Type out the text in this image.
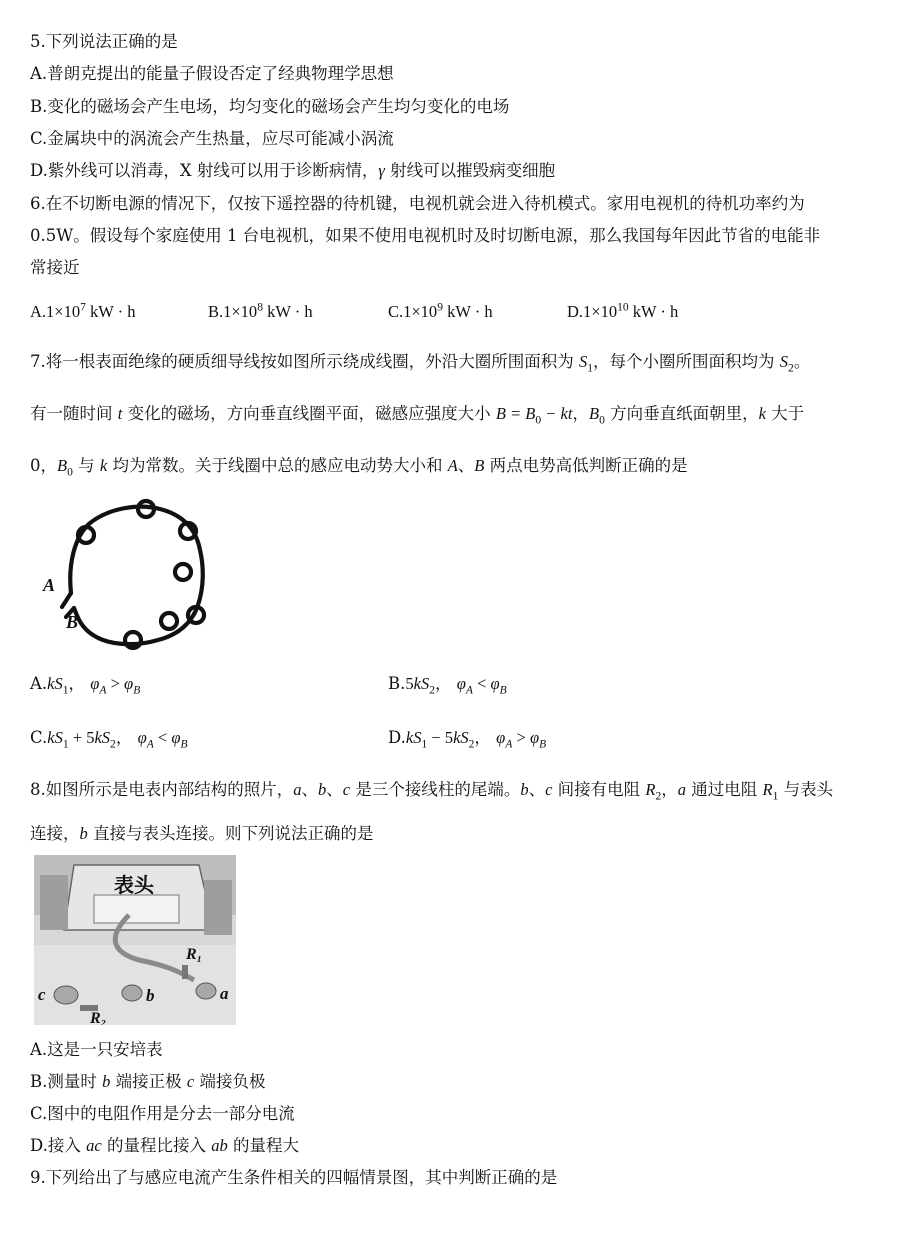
5.下列说法正确的是
A.普朗克提出的能量子假设否定了经典物理学思想
B.变化的磁场会产生电场，均匀变化的磁场会产生均匀变化的电场
C.金属块中的涡流会产生热量，应尽可能减小涡流
D.紫外线可以消毒，X 射线可以用于诊断病情，γ 射线可以摧毁病变细胞
6.在不切断电源的情况下，仅按下遥控器的待机键，电视机就会进入待机模式。家用电视机的待机功率约为
0.5W。假设每个家庭使用 1 台电视机，如果不使用电视机时及时切断电源，那么我国每年因此节省的电能非
常接近
$A.1\times 10^7$ kW · h	$B.1\times 10^8$ kW · h	$C.1\times 10^9$ kW · h	$D.1\times 10^{10}$ kW · h
7.将一根表面绝缘的硬质细导线按如图所示绕成线圈，外沿大圈所围面积为 $S_1$，每个小圈所围面积均为 $S_2$。
有一随时间 t 变化的磁场，方向垂直线圈平面，磁感应强度大小 $B = B_0$ − kt，$B_0$ 方向垂直纸面朝里，k 大于
0，$B_0$ 与 k 均为常数。关于线圈中总的感应电动势大小和 A、B 两点电势高低判断正确的是
A
B
$A.kS_1$， $\varphi_A > \varphi_B$	$B.5kS_2$， $\varphi_A < \varphi_B$
$C.kS_1 + 5kS_2$， $\varphi_A < \varphi_B$	$D.kS_1 - 5kS_2$， $\varphi_A > \varphi_B$
8.如图所示是电表内部结构的照片，a、b、c 是三个接线柱的尾端。b、c 间接有电阻 $R_2$，a 通过电阻 $R_1$ 与表头
连接，b 直接与表头连接。则下列说法正确的是
表头
R₁
R₂
c	b	a
A.这是一只安培表
B.测量时 b 端接正极 c 端接负极
C.图中的电阻作用是分去一部分电流
D.接入 ac 的量程比接入 ab 的量程大
9.下列给出了与感应电流产生条件相关的四幅情景图，其中判断正确的是
